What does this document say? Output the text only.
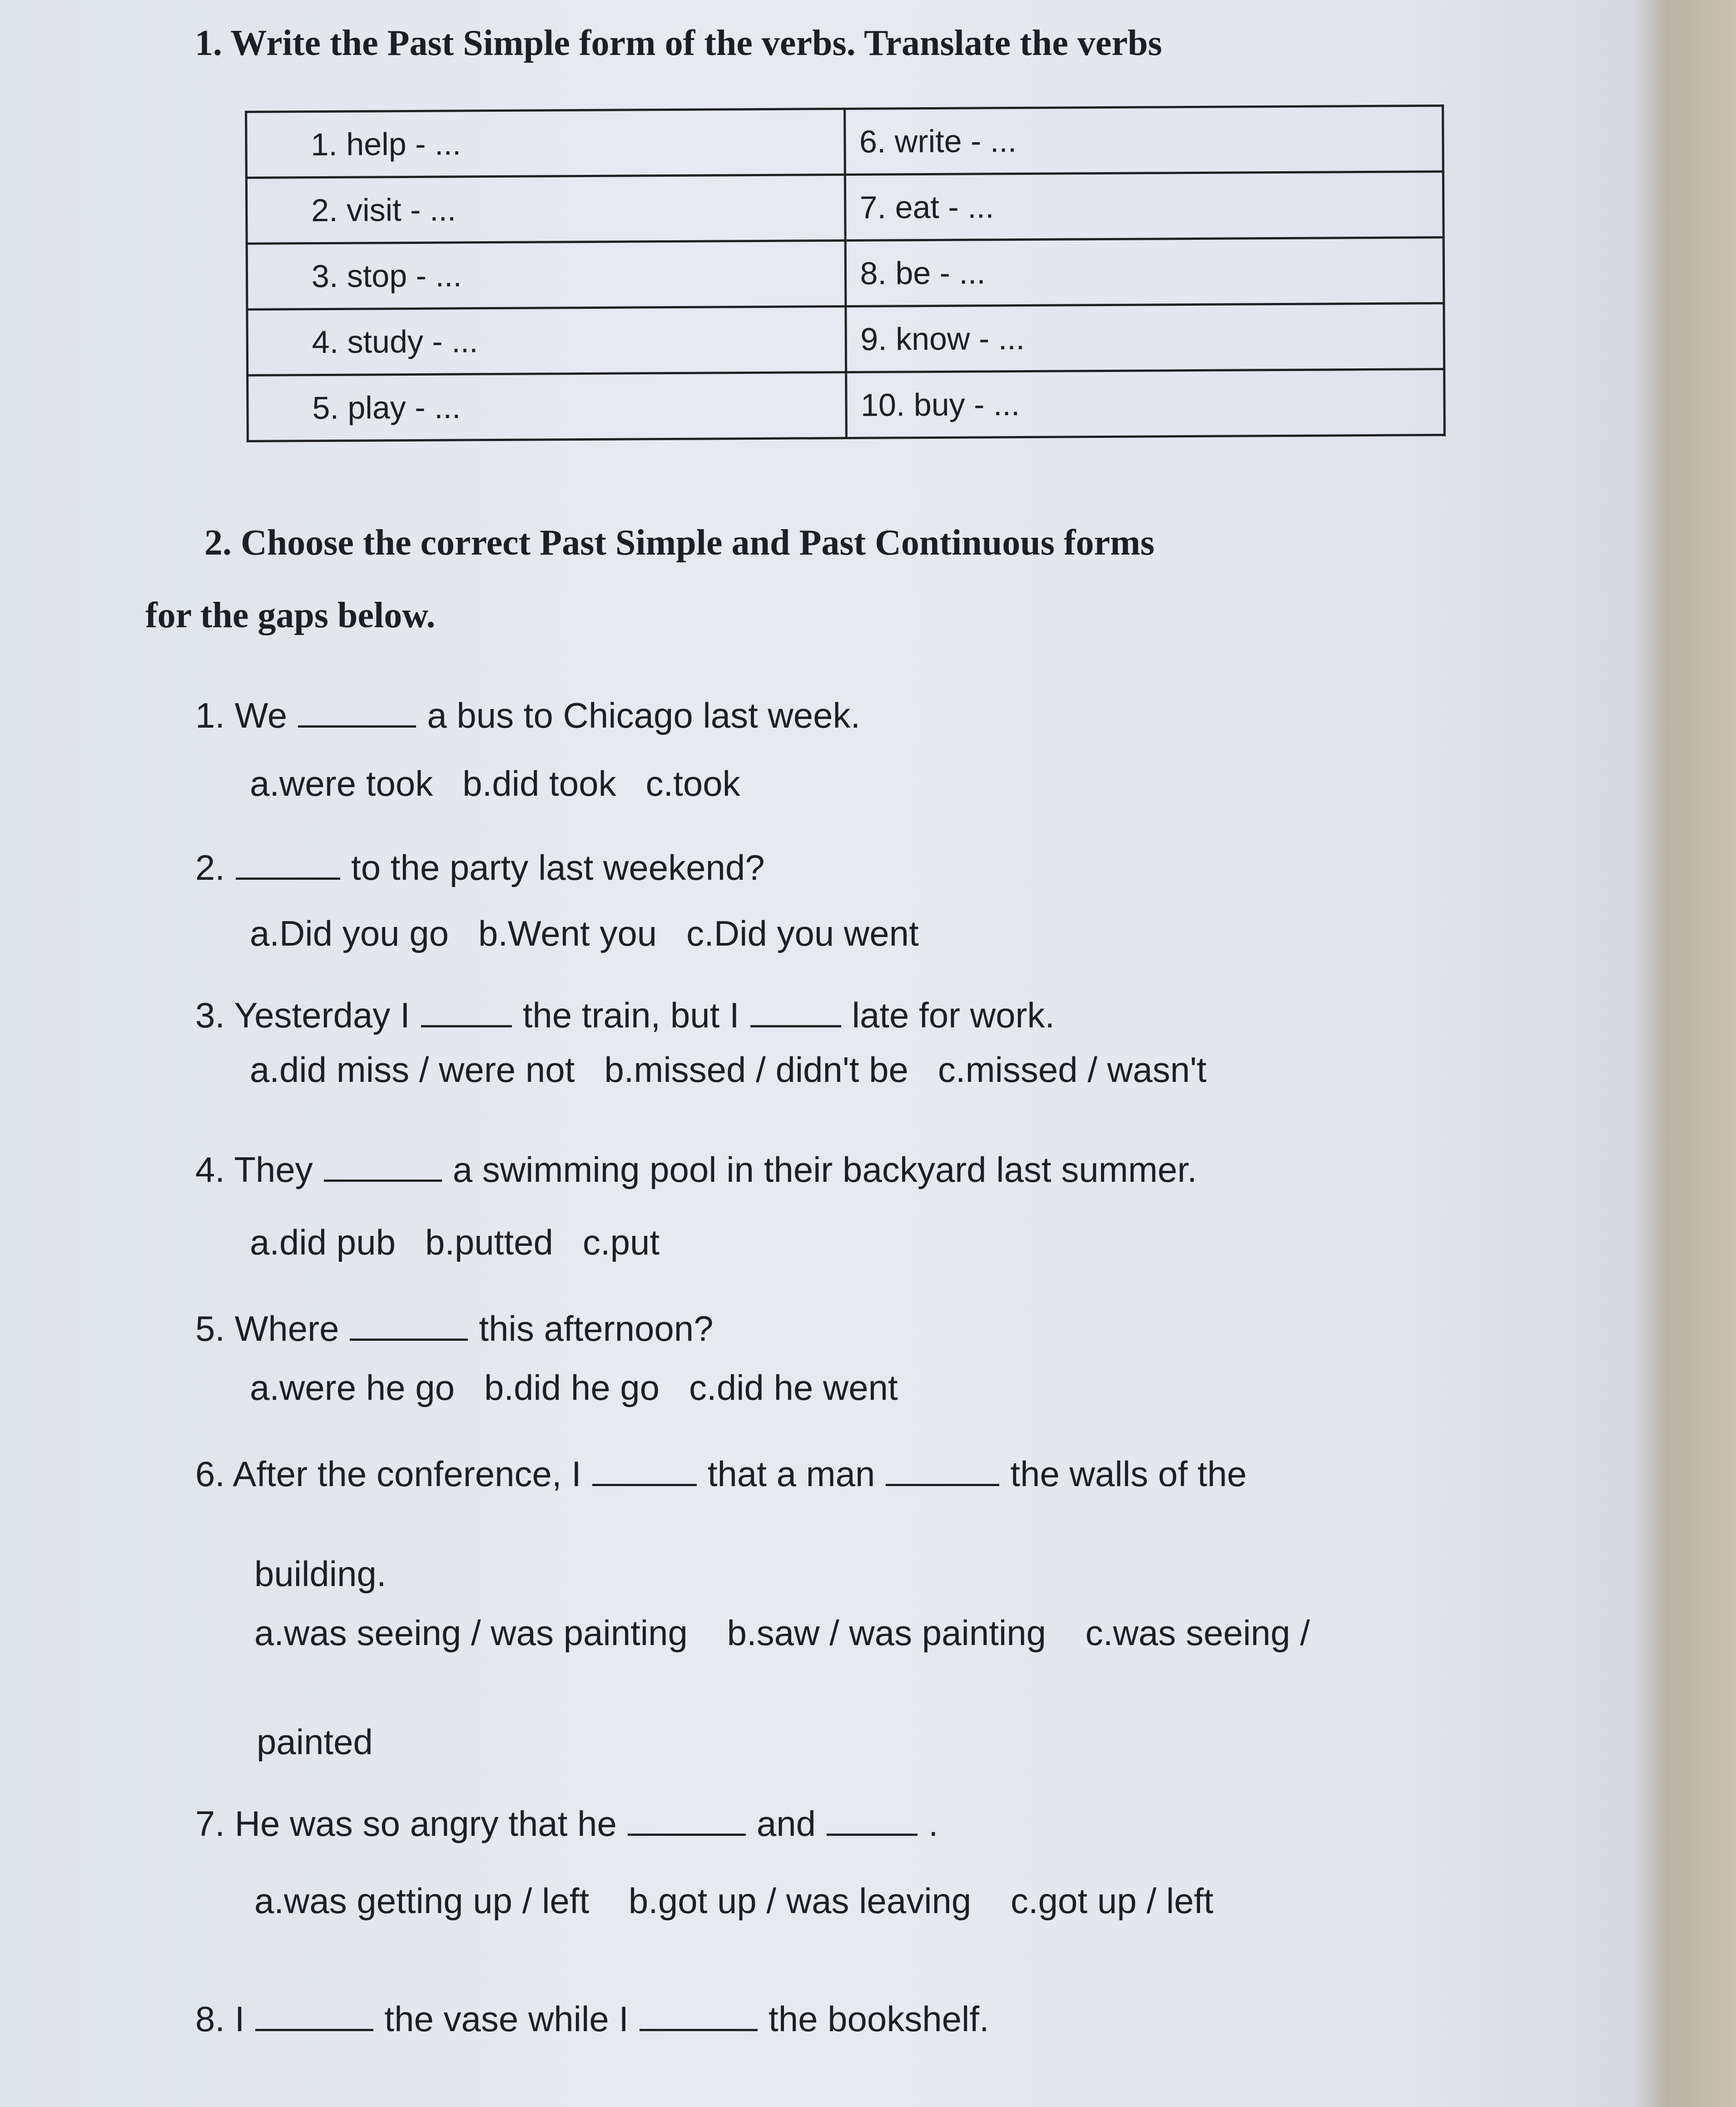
1. Write the Past Simple form of the verbs. Translate the verbs
1. help - ...	6. write - ...
2. visit - ...	7. eat - ...
3. stop - ...	8. be - ...
4. study - ...	9. know - ...
5. play - ...	10. buy - ...
2. Choose the correct Past Simple and Past Continuous forms
for the gaps below.
1. We	a bus to Chicago last week.
a.were took b.did took c.took
2.	to the party last weekend?
a.Did you go b.Went you c.Did you went
3. Yesterday I	the train, but I	late for work.
a.did miss / were not b.missed / didn't be c.missed / wasn't
4. They	a swimming pool in their backyard last summer.
a.did pub b.putted c.put
5. Where	this afternoon?
a.were he go b.did he go c.did he went
6. After the conference, I	that a man	the walls of the
building.
a.was seeing / was painting b.saw / was painting c.was seeing /
painted
7. He was so angry that he	and	.
a.was getting up / left b.got up / was leaving c.got up / left
8. I	the vase while I	the bookshelf.
